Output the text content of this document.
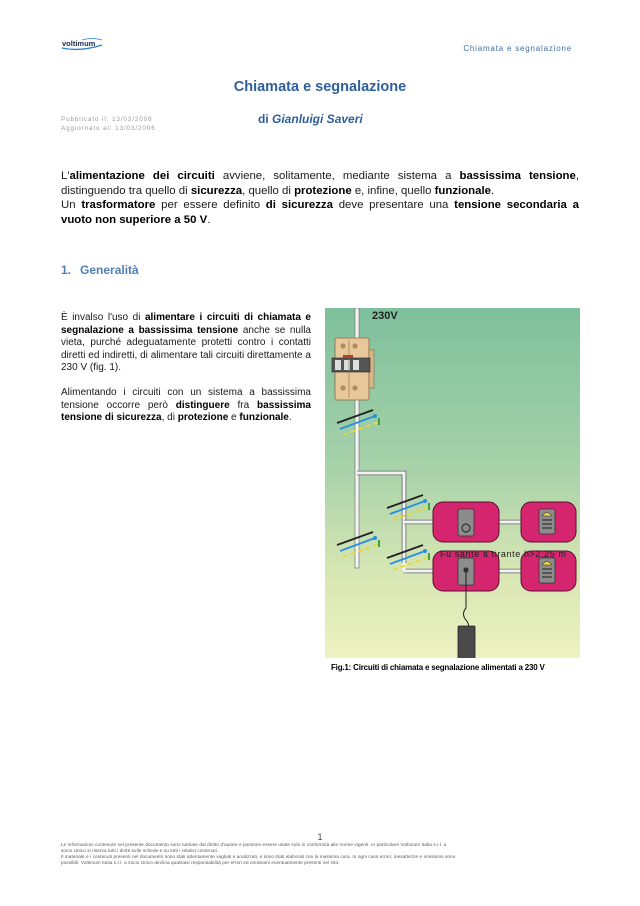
voltimum
Chiamata e segnalazione
Chiamata e segnalazione
Pubblicato il: 13/03/2006
Aggiornato al: 13/03/2006
di Gianluigi Saveri
L'alimentazione dei circuiti avviene, solitamente, mediante sistema a bassissima tensione, distinguendo tra quello di sicurezza, quello di protezione e, infine, quello funzionale.
Un trasformatore per essere definito di sicurezza deve presentare una tensione secondaria a vuoto non superiore a 50 V.
1. Generalità

È invalso l'uso di alimentare i circuiti di chiamata e segnalazione a bassissima tensione anche se nulla vieta, purché adeguatamente protetti contro i contatti diretti ed indiretti, di alimentare tali circuiti direttamente a 230 V (fig. 1).

Alimentando i circuiti con un sistema a bassissima tensione occorre però distinguere fra bassissima tensione di sicurezza, di protezione e funzionale.

230V
Fu sante a tirante h>2,25 m
Fig.1: Circuiti di chiamata e segnalazione alimentati a 230 V
1

Le informazioni contenute nel presente documento sono tutelate dal diritto d'autore e possono essere usate solo in conformità alle norme vigenti. In particolare Voltimum Italia s.r.l. a

socio Unico si riserva tutti i diritti sulle schede e su tutti i relativi contenuti.

Il materiale e i contenuti presenti nel documento sono stati attentamente vagliati e analizzati, e sono stati elaborati con la massima cura. In ogni caso errori, inesattezze e omissioni sono

possibili. Voltimum Italia s.r.l. a socio Unico declina qualsiasi responsabilità per errori ed omissioni eventualmente presenti nel sito.
